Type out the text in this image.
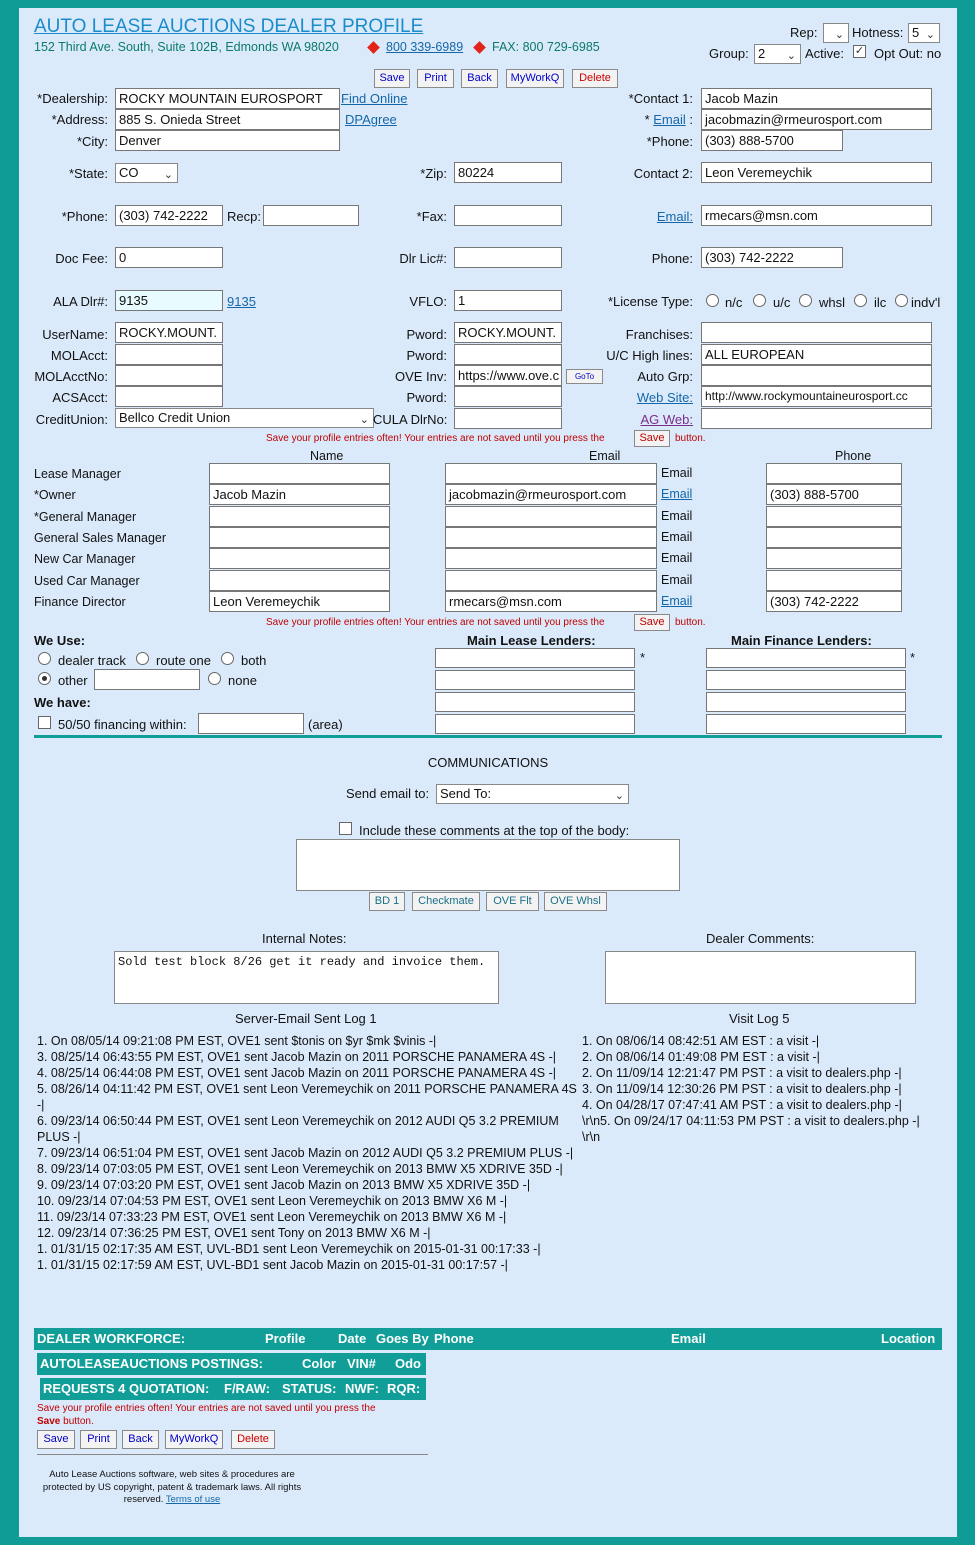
AUTO LEASE AUCTIONS DEALER PROFILE
152 Third Ave. South, Suite 102B, Edmonds WA 98020	800 339-6989 FAX: 800 729-6985
Rep: ⌄ Hotness: 5 ⌄
Group: 2 ⌄ Active: ✓ Opt Out: no
Save	Print	Back	MyWorkQ	Delete
*Dealership: ROCKY MOUNTAIN EUROSPORT	Find Online
*Address: 885 S. Onieda Street	DPAgree
*City: Denver
*State: CO ⌄	*Zip: 80224
*Phone: (303) 742-2222	Recp:	*Fax:
Doc Fee: 0	Dlr Lic#:
ALA Dlr#: 9135	9135	VFLO: 1
UserName: ROCKY.MOUNT.	Pword: ROCKY.MOUNT.
MOLAcct:	Pword:
MOLAcctNo:	OVE Inv: https://www.ove.c	GoTo
ACSAcct:	Pword:
CreditUnion: Bellco Credit Union	⌄ CULA DlrNo:
*Contact 1: Jacob Mazin
* Email : jacobmazin@rmeurosport.com
*Phone: (303) 888-5700
Contact 2: Leon Veremeychik
Email: rmecars@msn.com
Phone: (303) 742-2222
*License Type: n/c u/c whsl ilc indv'l
Franchises:
U/C High lines: ALL EUROPEAN
Auto Grp:
Web Site:	http://www.rockymountaineurosport.cc
AG Web:
Save your profile entries often! Your entries are not saved until you press the	Save	button.
Name	Email	Phone
Lease Manager	Email
*Owner	Jacob Mazin	jacobmazin@rmeurosport.com	Email	(303) 888-5700
*General Manager	Email
General Sales Manager	Email
New Car Manager	Email
Used Car Manager	Email
Finance Director	Leon Veremeychik	rmecars@msn.com	Email	(303) 742-2222
Save your profile entries often! Your entries are not saved until you press the	Save	button.
We Use:
dealer track route one both
other	none
We have:
50/50 financing within:	(area)
Main Lease Lenders:	Main Finance Lenders:
*	*
COMMUNICATIONS
Send email to: Send To:	⌄
Include these comments at the top of the body:
BD 1	Checkmate	OVE Flt	OVE Whsl
Internal Notes:
Sold test block 8/26 get it ready and invoice them.
Dealer Comments:
Server-Email Sent Log 1
1. On 08/05/14 09:21:08 PM EST, OVE1 sent $tonis on $yr $mk $vinis -|
3. 08/25/14 06:43:55 PM EST, OVE1 sent Jacob Mazin on 2011 PORSCHE PANAMERA 4S -|
4. 08/25/14 06:44:08 PM EST, OVE1 sent Jacob Mazin on 2011 PORSCHE PANAMERA 4S -|
5. 08/26/14 04:11:42 PM EST, OVE1 sent Leon Veremeychik on 2011 PORSCHE PANAMERA 4S -|
6. 09/23/14 06:50:44 PM EST, OVE1 sent Leon Veremeychik on 2012 AUDI Q5 3.2 PREMIUM PLUS -|
7. 09/23/14 06:51:04 PM EST, OVE1 sent Jacob Mazin on 2012 AUDI Q5 3.2 PREMIUM PLUS -|
8. 09/23/14 07:03:05 PM EST, OVE1 sent Leon Veremeychik on 2013 BMW X5 XDRIVE 35D -|
9. 09/23/14 07:03:20 PM EST, OVE1 sent Jacob Mazin on 2013 BMW X5 XDRIVE 35D -|
10. 09/23/14 07:04:53 PM EST, OVE1 sent Leon Veremeychik on 2013 BMW X6 M -|
11. 09/23/14 07:33:23 PM EST, OVE1 sent Leon Veremeychik on 2013 BMW X6 M -|
12. 09/23/14 07:36:25 PM EST, OVE1 sent Tony on 2013 BMW X6 M -|
1. 01/31/15 02:17:35 AM EST, UVL-BD1 sent Leon Veremeychik on 2015-01-31 00:17:33 -|
1. 01/31/15 02:17:59 AM EST, UVL-BD1 sent Jacob Mazin on 2015-01-31 00:17:57 -|
Visit Log 5
1. On 08/06/14 08:42:51 AM EST : a visit -|
2. On 08/06/14 01:49:08 PM EST : a visit -|
2. On 11/09/14 12:21:47 PM PST : a visit to dealers.php -|
3. On 11/09/14 12:30:26 PM PST : a visit to dealers.php -|
4. On 04/28/17 07:47:41 AM PST : a visit to dealers.php -|
\r\n5. On 09/24/17 04:11:53 PM PST : a visit to dealers.php -|
\r\n
DEALER WORKFORCE:	Profile	Date Goes By Phone	Email	Location
AUTOLEASEAUCTIONS POSTINGS:	Color VIN# Odo
REQUESTS 4 QUOTATION: F/RAW: STATUS: NWF: RQR:
Save your profile entries often! Your entries are not saved until you press the
Save button.
Save	Print	Back	MyWorkQ	Delete
Auto Lease Auctions software, web sites & procedures are
protected by US copyright, patent & trademark laws. All rights
reserved. Terms of use
